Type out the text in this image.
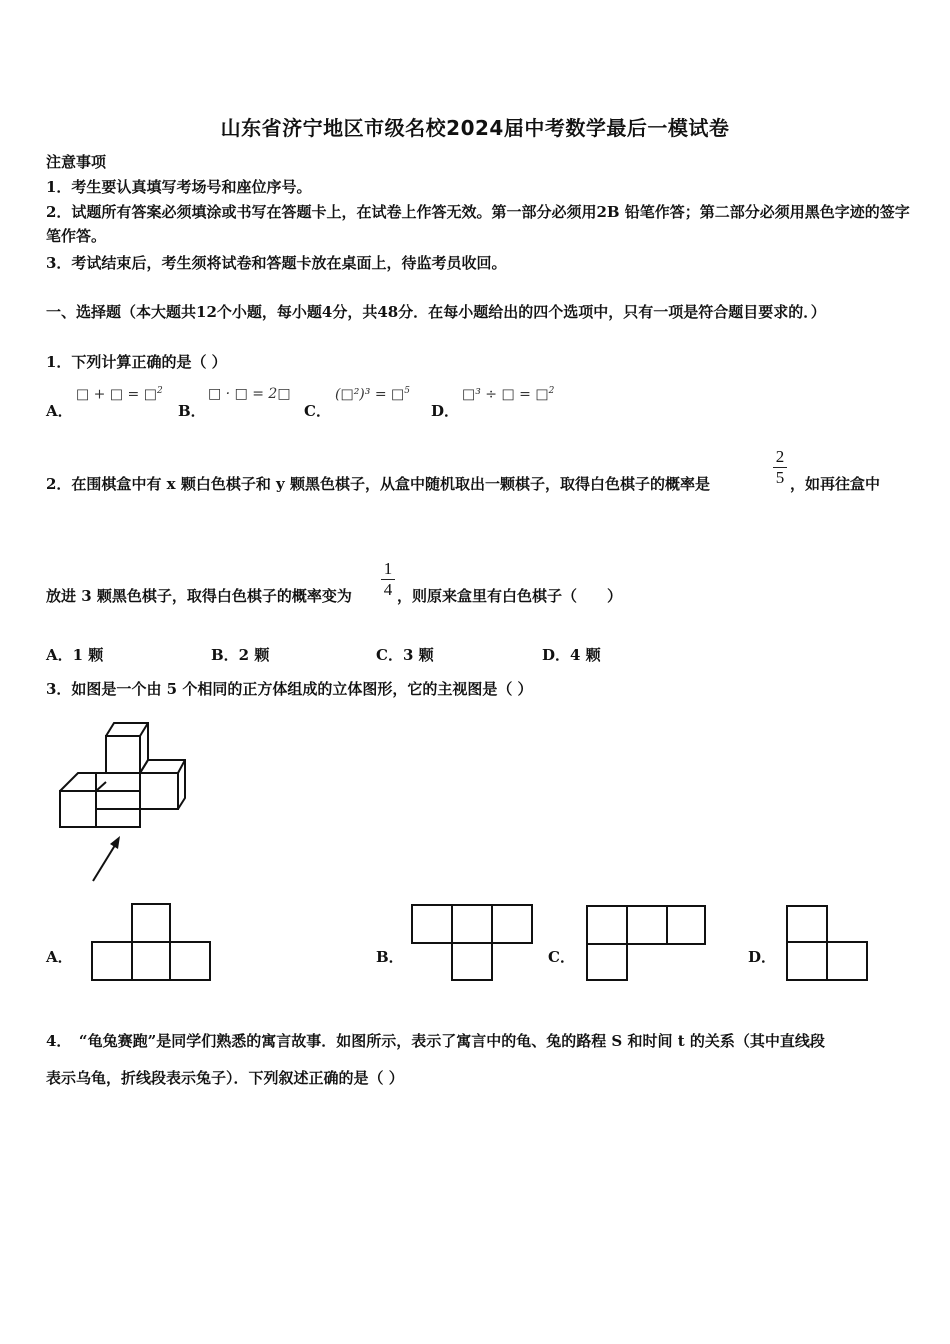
山东省济宁地区市级名校2024届中考数学最后一模试卷
注意事项
1．考生要认真填写考场号和座位序号。
2．试题所有答案必须填涂或书写在答题卡上，在试卷上作答无效。第一部分必须用2B 铅笔作答；第二部分必须用黑色字迹的签字笔作答。
3．考试结束后，考生须将试卷和答题卡放在桌面上，待监考员收回。
一、选择题（本大题共12个小题，每小题4分，共48分．在每小题给出的四个选项中，只有一项是符合题目要求的．）
1．下列计算正确的是（ ）
A．
□ + □ = □$^2$
B．
□ · □ = 2□
C．
(□²)³ = □$^5$
D．
□³ ÷ □ = □$^2$
2．在围棋盒中有 x 颗白色棋子和 y 颗黑色棋子，从盒中随机取出一颗棋子，取得白色棋子的概率是
2
5 ，如再往盒中
放进 3 颗黑色棋子，取得白色棋子的概率变为
1
4 ，则原来盒里有白色棋子（　　）
A．1 颗	B．2 颗	C．3 颗	D．4 颗
3．如图是一个由 5 个相同的正方体组成的立体图形，它的主视图是（ ）
A．	B．	C．	D．
4．　“龟兔赛跑”是同学们熟悉的寓言故事．如图所示，表示了寓言中的龟、兔的路程 S 和时间 t 的关系（其中直线段
表示乌龟，折线段表示兔子）．下列叙述正确的是（ ）
